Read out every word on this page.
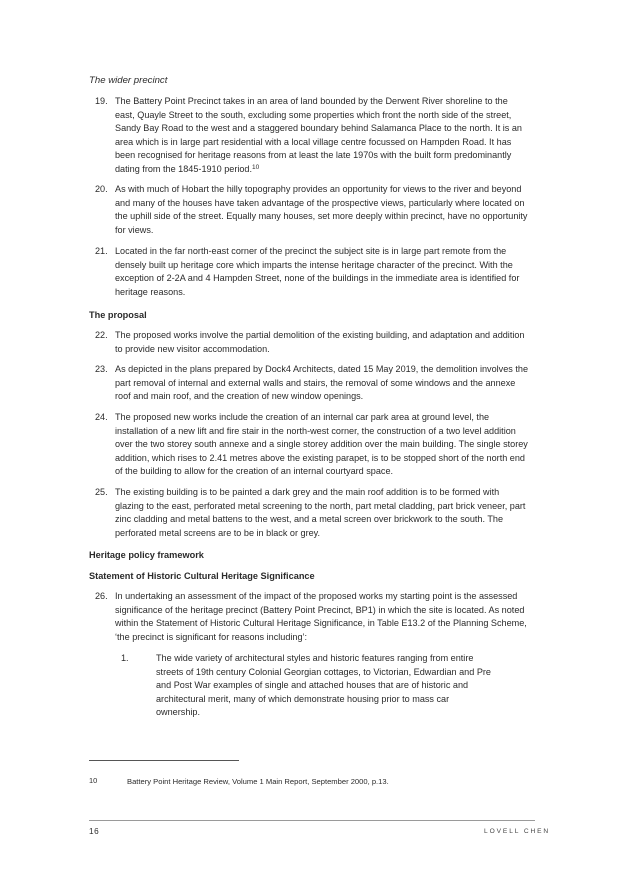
The wider precinct
19. The Battery Point Precinct takes in an area of land bounded by the Derwent River shoreline to the east, Quayle Street to the south, excluding some properties which front the north side of the street, Sandy Bay Road to the west and a staggered boundary behind Salamanca Place to the north. It is an area which is in large part residential with a local village centre focussed on Hampden Road. It has been recognised for heritage reasons from at least the late 1970s with the built form predominantly dating from the 1845-1910 period.$^{10}$
20. As with much of Hobart the hilly topography provides an opportunity for views to the river and beyond and many of the houses have taken advantage of the prospective views, particularly where located on the uphill side of the street. Equally many houses, set more deeply within precinct, have no opportunity for views.
21. Located in the far north-east corner of the precinct the subject site is in large part remote from the densely built up heritage core which imparts the intense heritage character of the precinct. With the exception of 2-2A and 4 Hampden Street, none of the buildings in the immediate area is identified for heritage reasons.
The proposal
22. The proposed works involve the partial demolition of the existing building, and adaptation and addition to provide new visitor accommodation.
23. As depicted in the plans prepared by Dock4 Architects, dated 15 May 2019, the demolition involves the part removal of internal and external walls and stairs, the removal of some windows and the annexe roof and main roof, and the creation of new window openings.
24. The proposed new works include the creation of an internal car park area at ground level, the installation of a new lift and fire stair in the north-west corner, the construction of a two level addition over the two storey south annexe and a single storey addition over the main building. The single storey addition, which rises to 2.41 metres above the existing parapet, is to be stopped short of the north end of the building to allow for the creation of an internal courtyard space.
25. The existing building is to be painted a dark grey and the main roof addition is to be formed with glazing to the east, perforated metal screening to the north, part metal cladding, part brick veneer, part zinc cladding and metal battens to the west, and a metal screen over brickwork to the south. The perforated metal screens are to be in black or grey.
Heritage policy framework
Statement of Historic Cultural Heritage Significance
26. In undertaking an assessment of the impact of the proposed works my starting point is the assessed significance of the heritage precinct (Battery Point Precinct, BP1) in which the site is located. As noted within the Statement of Historic Cultural Heritage Significance, in Table E13.2 of the Planning Scheme, ‘the precinct is significant for reasons including’:
1.	The wide variety of architectural styles and historic features ranging from entire streets of 19th century Colonial Georgian cottages, to Victorian, Edwardian and Pre and Post War examples of single and attached houses that are of historic and architectural merit, many of which demonstrate housing prior to mass car ownership.
10	Battery Point Heritage Review, Volume 1 Main Report, September 2000, p.13.
16	LOVELL CHEN
